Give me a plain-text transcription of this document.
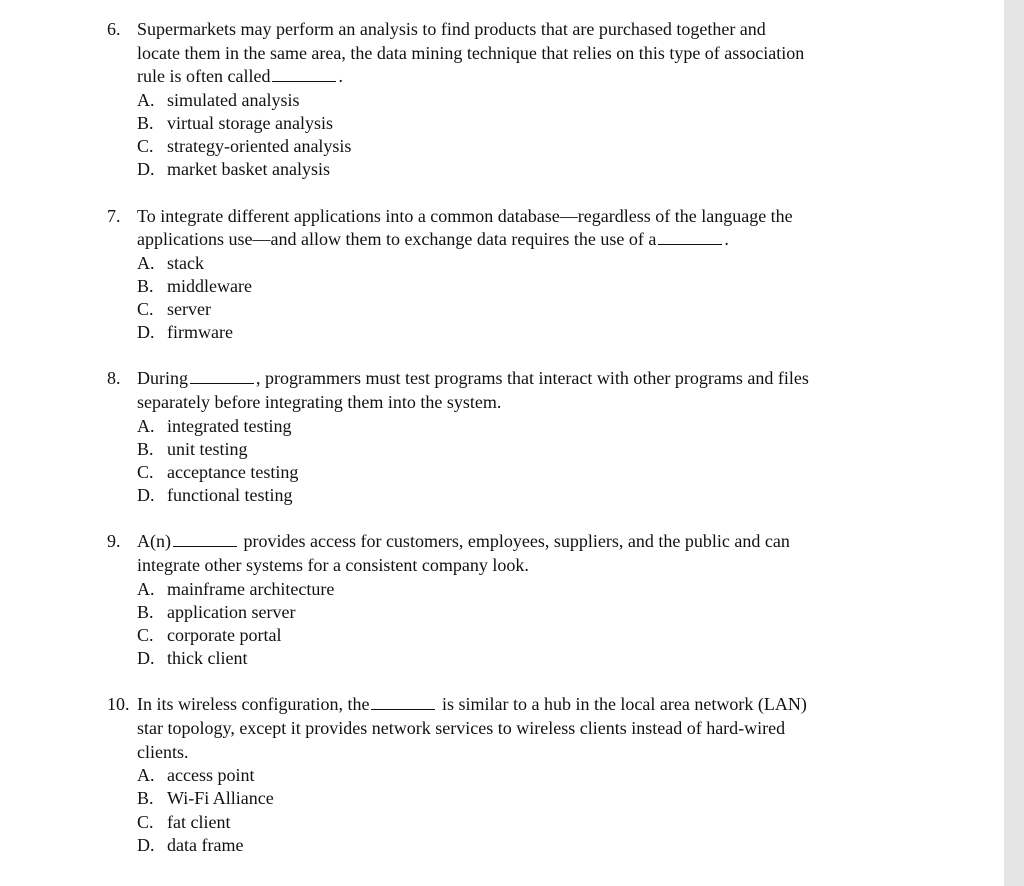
6. Supermarkets may perform an analysis to find products that are purchased together and
locate them in the same area, the data mining technique that relies on this type of association
rule is often called	.
A. simulated analysis
B. virtual storage analysis
C. strategy-oriented analysis
D. market basket analysis
7. To integrate different applications into a common database—regardless of the language the
applications use—and allow them to exchange data requires the use of a	.
A. stack
B. middleware
C. server
D. firmware
8. During	, programmers must test programs that interact with other programs and files
separately before integrating them into the system.
A. integrated testing
B. unit testing
C. acceptance testing
D. functional testing
9. A(n)	provides access for customers, employees, suppliers, and the public and can
integrate other systems for a consistent company look.
A. mainframe architecture
B. application server
C. corporate portal
D. thick client
10. In its wireless configuration, the	is similar to a hub in the local area network (LAN)
star topology, except it provides network services to wireless clients instead of hard-wired
clients.
A. access point
B. Wi-Fi Alliance
C. fat client
D. data frame
